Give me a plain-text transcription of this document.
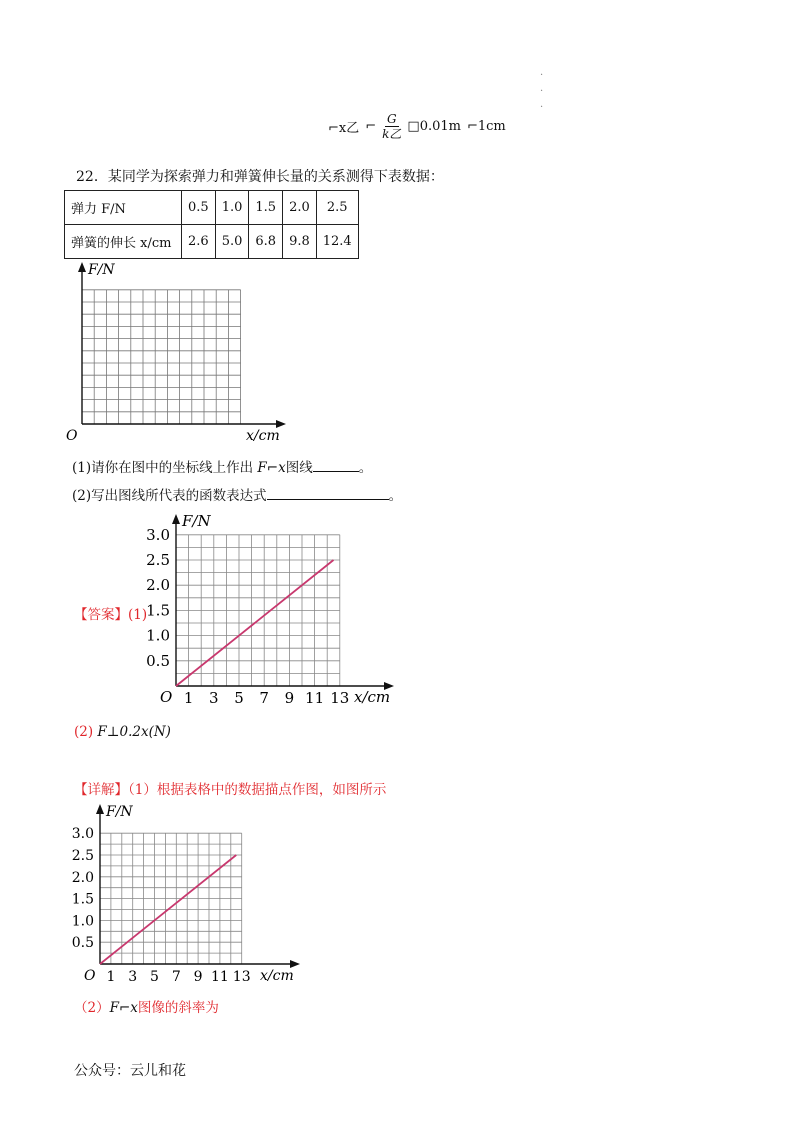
·
·
·
⌐x乙 ⌐ $\frac{G}{\text{k乙}}$ □0.01m ⌐1cm
22．某同学为探索弹力和弹簧伸长量的关系测得下表数据：
弹力 F/N	0.5	1.0	1.5	2.0	2.5
弹簧的伸长 x/cm	2.6	5.0	6.8	9.8	12.4
F/N
x/cm
O
(1)请你在图中的坐标线上作出 F⌐x图线	。
(2)写出图线所代表的函数表达式	。
【答案】(1)
1 3 5 7 9 11 13
0.5
1.0
1.5
2.0
2.5
3.0
F/N
x/cm
O
(2) F⊥0.2x(N)
【详解】（1）根据表格中的数据描点作图，如图所示
1 3 5 7 9 11 13
0.5
1.0
1.5
2.0
2.5
3.0
F/N
x/cm
O
（2）F⌐x图像的斜率为
公众号：云儿和花
